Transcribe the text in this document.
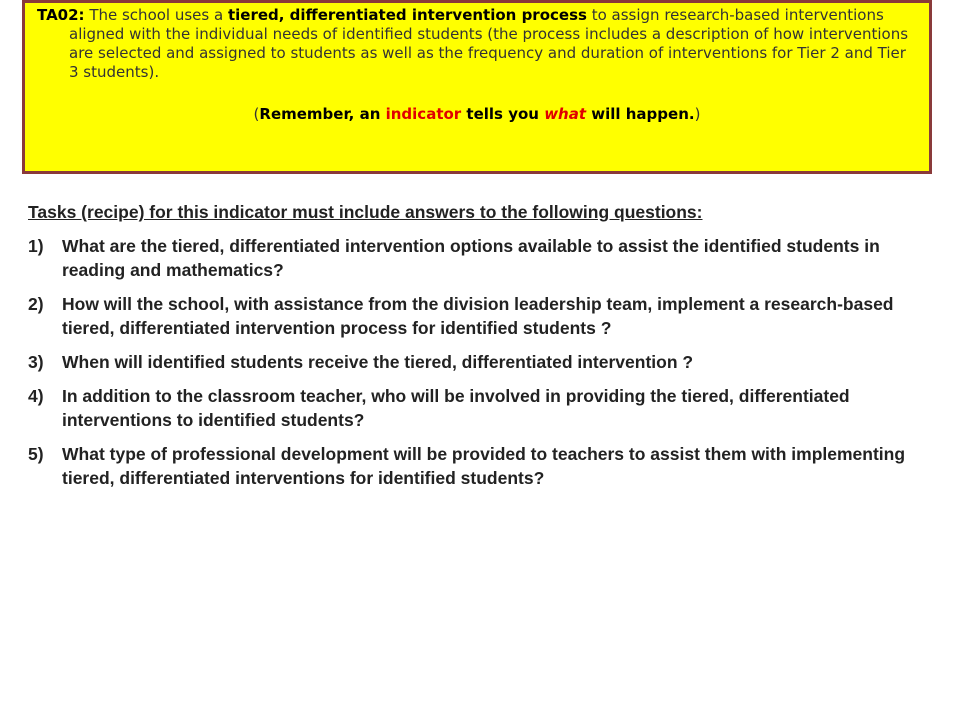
TA02: The school uses a tiered, differentiated intervention process to assign research-based interventions aligned with the individual needs of identified students (the process includes a description of how interventions are selected and assigned to students as well as the frequency and duration of interventions for Tier 2 and Tier 3 students).

(Remember, an indicator tells you what will happen.)

Tasks (recipe) for this indicator must include answers to the following questions:

1)	What are the tiered, differentiated intervention options available to assist the identified students in reading and mathematics?
2)	How will the school, with assistance from the division leadership team, implement a research-based tiered, differentiated intervention process for identified students ?
3)	When will identified students receive the tiered, differentiated intervention ?
4)	In addition to the classroom teacher, who will be involved in providing the tiered, differentiated interventions to identified students?
5)	What type of professional development will be provided to teachers to assist them with implementing tiered, differentiated interventions for identified students?
